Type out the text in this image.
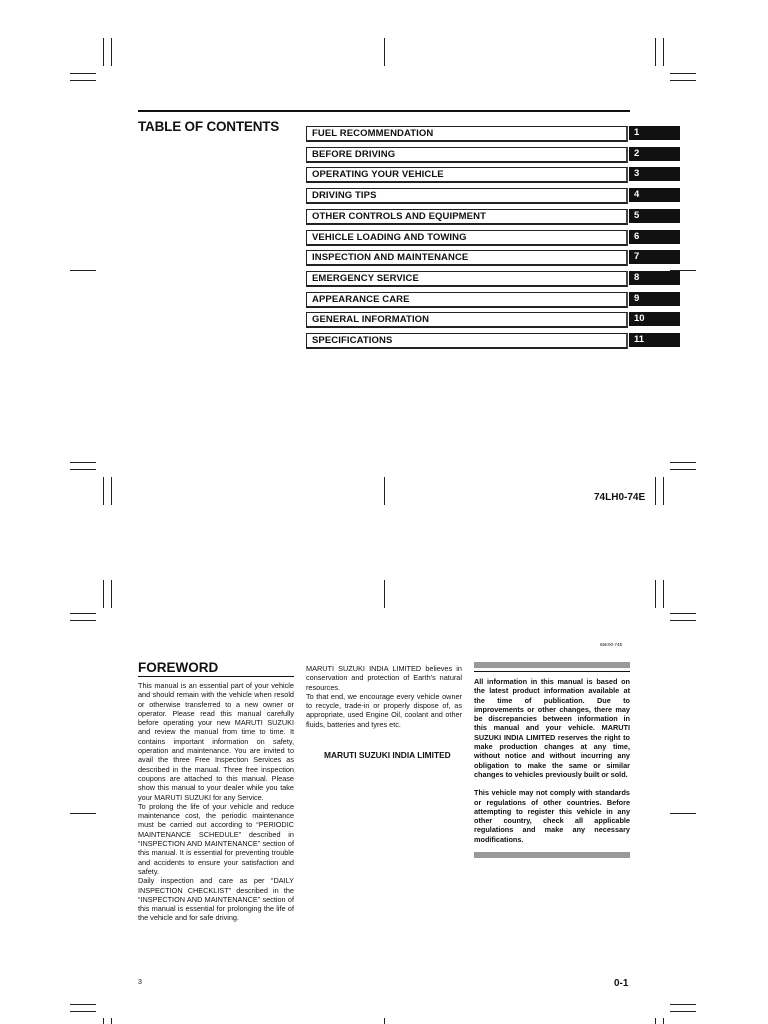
TABLE OF CONTENTS	FUEL RECOMMENDATION	1
BEFORE DRIVING	2
OPERATING YOUR VEHICLE	3
DRIVING TIPS	4
OTHER CONTROLS AND EQUIPMENT	5
VEHICLE LOADING AND TOWING	6
INSPECTION AND MAINTENANCE	7
EMERGENCY SERVICE	8
APPEARANCE CARE	9
GENERAL INFORMATION	10
SPECIFICATIONS	11
74LH0-74E
65K00-74E
FOREWORD

This manual is an essential part of your vehicle and should remain with the vehicle when resold or otherwise transferred to a new owner or operator. Please read this manual carefully before operating your new MARUTI SUZUKI and review the manual from time to time. It contains important information on safety, operation and maintenance. You are invited to avail the three Free Inspection Services as described in the manual. Three free inspection coupons are attached to this manual. Please show this manual to your dealer while you take your MARUTI SUZUKI for any Service.

To prolong the life of your vehicle and reduce maintenance cost, the periodic maintenance must be carried out according to “PERIODIC MAINTENANCE SCHEDULE” described in “INSPECTION AND MAINTENANCE” section of this manual. It is essential for preventing trouble and accidents to ensure your satisfaction and safety.

Daily inspection and care as per “DAILY INSPECTION CHECKLIST” described in the “INSPECTION AND MAINTENANCE” section of this manual is essential for prolonging the life of the vehicle and for safe driving.

MARUTI SUZUKI INDIA LIMITED believes in conservation and protection of Earth’s natural resources.

To that end, we encourage every vehicle owner to recycle, trade-in or properly dispose of, as appropriate, used Engine Oil, coolant and other fluids, batteries and tyres etc.

MARUTI SUZUKI INDIA LIMITED

All information in this manual is based on the latest product information available at the time of publication. Due to improvements or other changes, there may be discrepancies between information in this manual and your vehicle. MARUTI SUZUKI INDIA LIMITED reserves the right to make production changes at any time, without notice and without incurring any obligation to make the same or similar changes to vehicles previously built or sold.

This vehicle may not comply with standards or regulations of other countries. Before attempting to register this vehicle in any other country, check all applicable regulations and make any necessary modifications.

3	0-1
